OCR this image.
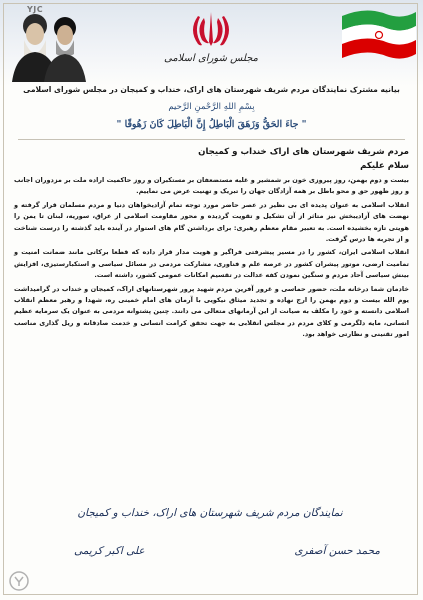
مجلس شورای اسلامی
بیانیه مشترک نمایندگان مردم شریف شهرستان های اراک، خنداب و کمیجان در مجلس شورای اسلامی
بِسْمِ اللهِ الرَّحْمنِ الرَّحیم
" جاءَ الحَقُّ وَزَهَقَ الْبَاطِلُ إِنَّ الْبَاطِلَ كَانَ زَهُوقًا "

مردم شریف شهرستان های اراک خنداب و کمیجان

سلام علیکم

بیست و دوم بهمن، روز پیروزی خون بر شمشیر و غلبه مستضعفان بر مستکبران و روز حاکمیت اراده ملت بر مزدوران اجانب و روز ظهور حق و محو باطل بر همه آزادگان جهان را تبریک و تهنیت عرض می نماییم.

انقلاب اسلامی به عنوان پدیده ای بی نظیر در عصر حاضر مورد توجه تمام آزادیخواهان دنیا و مردم مسلمان قرار گرفته و نهضت های آزادیبخش نیز متاثر از آن تشکیل و تقویت گردیده و محور مقاومت اسلامی از عراق، سوریه، لبنان تا یمن را هویتی تازه بخشیده است. به تعبیر مقام معظم رهبری: برای برداشتن گام های استوار در آینده باید گذشته را درست شناخت و از تجربه ها درس گرفت.

انقلاب اسلامی ایران، کشور را در مسیر پیشرفتی فراگیر و هویت مدار قرار داده که قطعا برکاتی مانند ضمانت امنیت و تمامیت ارضی، موتور پیشران کشور در عرصه علم و فناوری، مشارکت مردمی در مسائل سیاسی و استکبارستیزی، افزایش بینش سیاسی آحاد مردم و سنگین نمودن کفه عدالت در تقسیم امکانات عمومی کشور، داشته است.

خادمان شما درخانه ملت، حضور حماسی و غرور آفرین مردم شهید پرور شهرستانهای اراک، کمیجان و خنداب در گرامیداشت یوم الله بیست و دوم بهمن را ارج نهاده و تجدید میثاق نیکویی با آرمان های امام خمینی ره، شهدا و رهبر معظم انقلاب اسلامی دانسته و خود را مکلف به صیانت از این آرمانهای متعالی می دانند. چنین پشتوانه مردمی به عنوان یک سرمایه عظیم انسانی، مایه دلگرمی و کلای مردم در مجلس انقلابی به جهت تحقق کرامت انسانی و خدمت صادقانه و ریل گذاری مناسب امور تقنینی و نظارتی خواهد بود.

نمایندگان مردم شریف شهرستان های اراک، خنداب و کمیجان
محمد حسن آصفری
علی اکبر کریمی
YJC
